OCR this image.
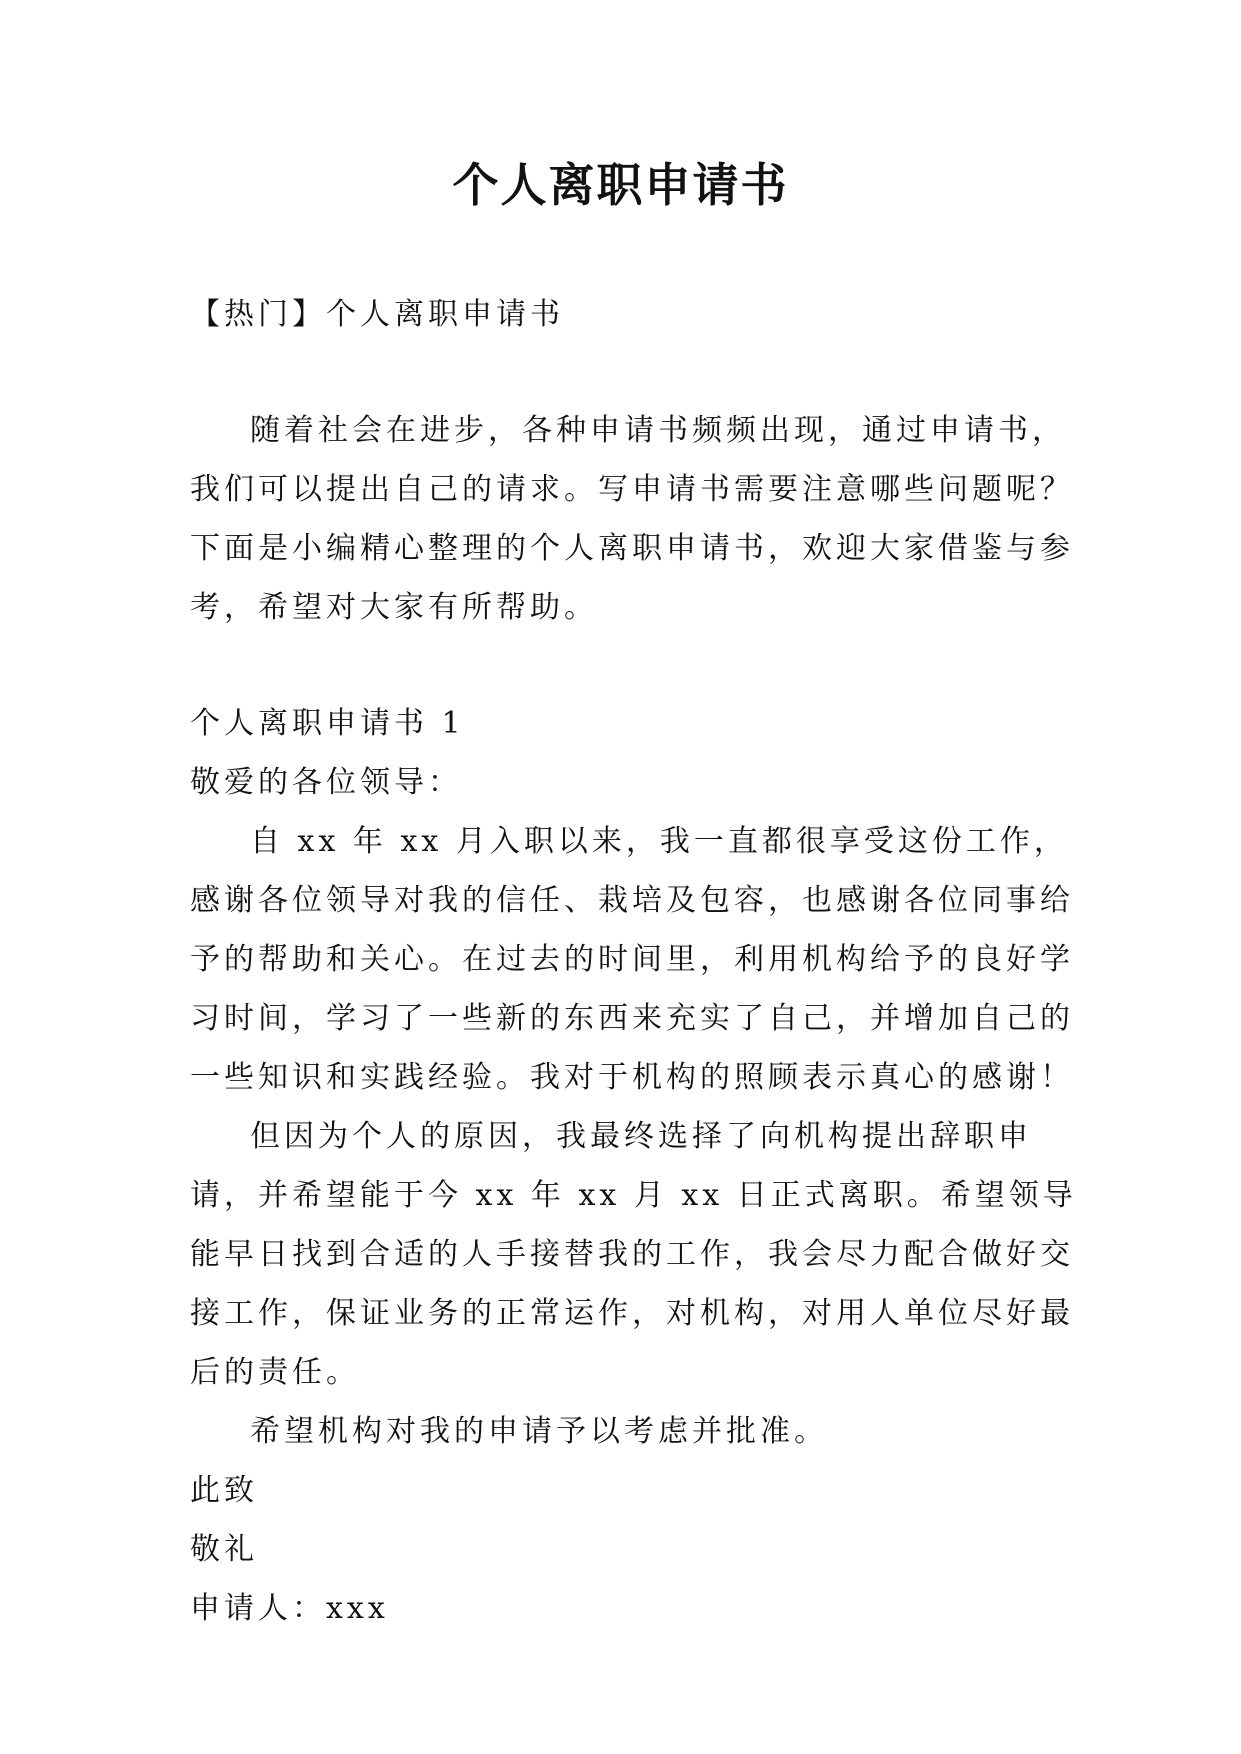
个人离职申请书

【热门】个人离职申请书

随着社会在进步，各种申请书频频出现，通过申请书，我们可以提出自己的请求。写申请书需要注意哪些问题呢？下面是小编精心整理的个人离职申请书，欢迎大家借鉴与参考，希望对大家有所帮助。

个人离职申请书 1

敬爱的各位领导：

自 xx 年 xx 月入职以来，我一直都很享受这份工作，感谢各位领导对我的信任、栽培及包容，也感谢各位同事给予的帮助和关心。在过去的时间里，利用机构给予的良好学习时间，学习了一些新的东西来充实了自己，并增加自己的一些知识和实践经验。我对于机构的照顾表示真心的感谢！

但因为个人的原因，我最终选择了向机构提出辞职申请，并希望能于今 xx 年 xx 月 xx 日正式离职。希望领导能早日找到合适的人手接替我的工作，我会尽力配合做好交接工作，保证业务的正常运作，对机构，对用人单位尽好最后的责任。

希望机构对我的申请予以考虑并批准。

此致

敬礼

申请人：xxx
